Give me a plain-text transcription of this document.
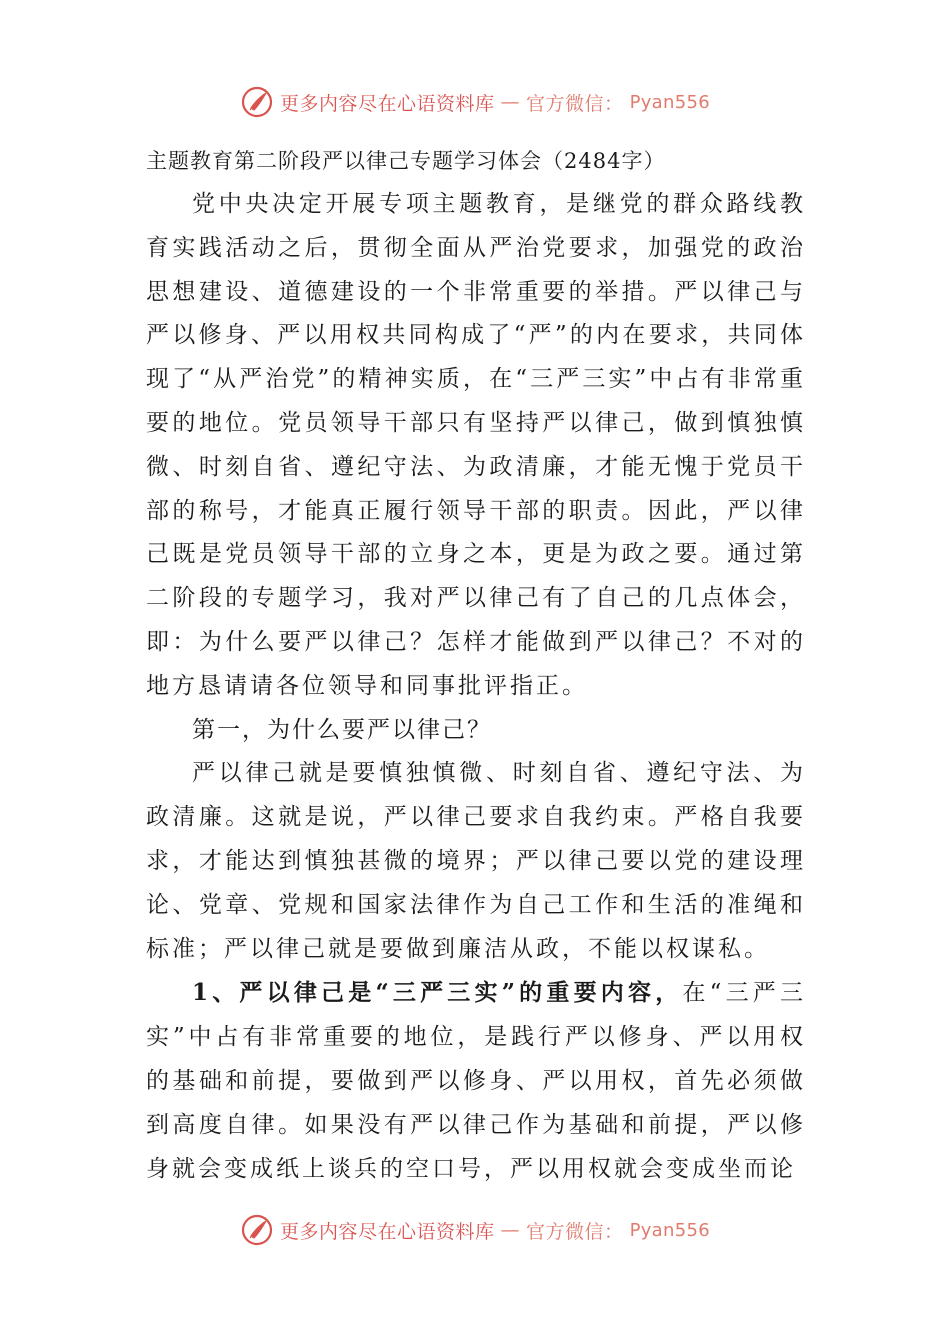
更多内容尽在心语资料库 — 官方微信： Pyan556
主题教育第二阶段严以律己专题学习体会（2484字）

党中央决定开展专项主题教育，是继党的群众路线教育实践活动之后，贯彻全面从严治党要求，加强党的政治思想建设、道德建设的一个非常重要的举措。严以律己与严以修身、严以用权共同构成了“严”的内在要求，共同体现了“从严治党”的精神实质，在“三严三实”中占有非常重要的地位。党员领导干部只有坚持严以律己，做到慎独慎微、时刻自省、遵纪守法、为政清廉，才能无愧于党员干部的称号，才能真正履行领导干部的职责。因此，严以律己既是党员领导干部的立身之本，更是为政之要。通过第二阶段的专题学习，我对严以律己有了自己的几点体会，即：为什么要严以律己？怎样才能做到严以律己？不对的地方恳请请各位领导和同事批评指正。

第一，为什么要严以律己？

严以律己就是要慎独慎微、时刻自省、遵纪守法、为政清廉。这就是说，严以律己要求自我约束。严格自我要求，才能达到慎独甚微的境界；严以律己要以党的建设理论、党章、党规和国家法律作为自己工作和生活的准绳和标准；严以律己就是要做到廉洁从政，不能以权谋私。

1、严以律己是“三严三实”的重要内容，在“三严三实”中占有非常重要的地位，是践行严以修身、严以用权的基础和前提，要做到严以修身、严以用权，首先必须做到高度自律。如果没有严以律己作为基础和前提，严以修身就会变成纸上谈兵的空口号，严以用权就会变成坐而论

更多内容尽在心语资料库 — 官方微信： Pyan556
